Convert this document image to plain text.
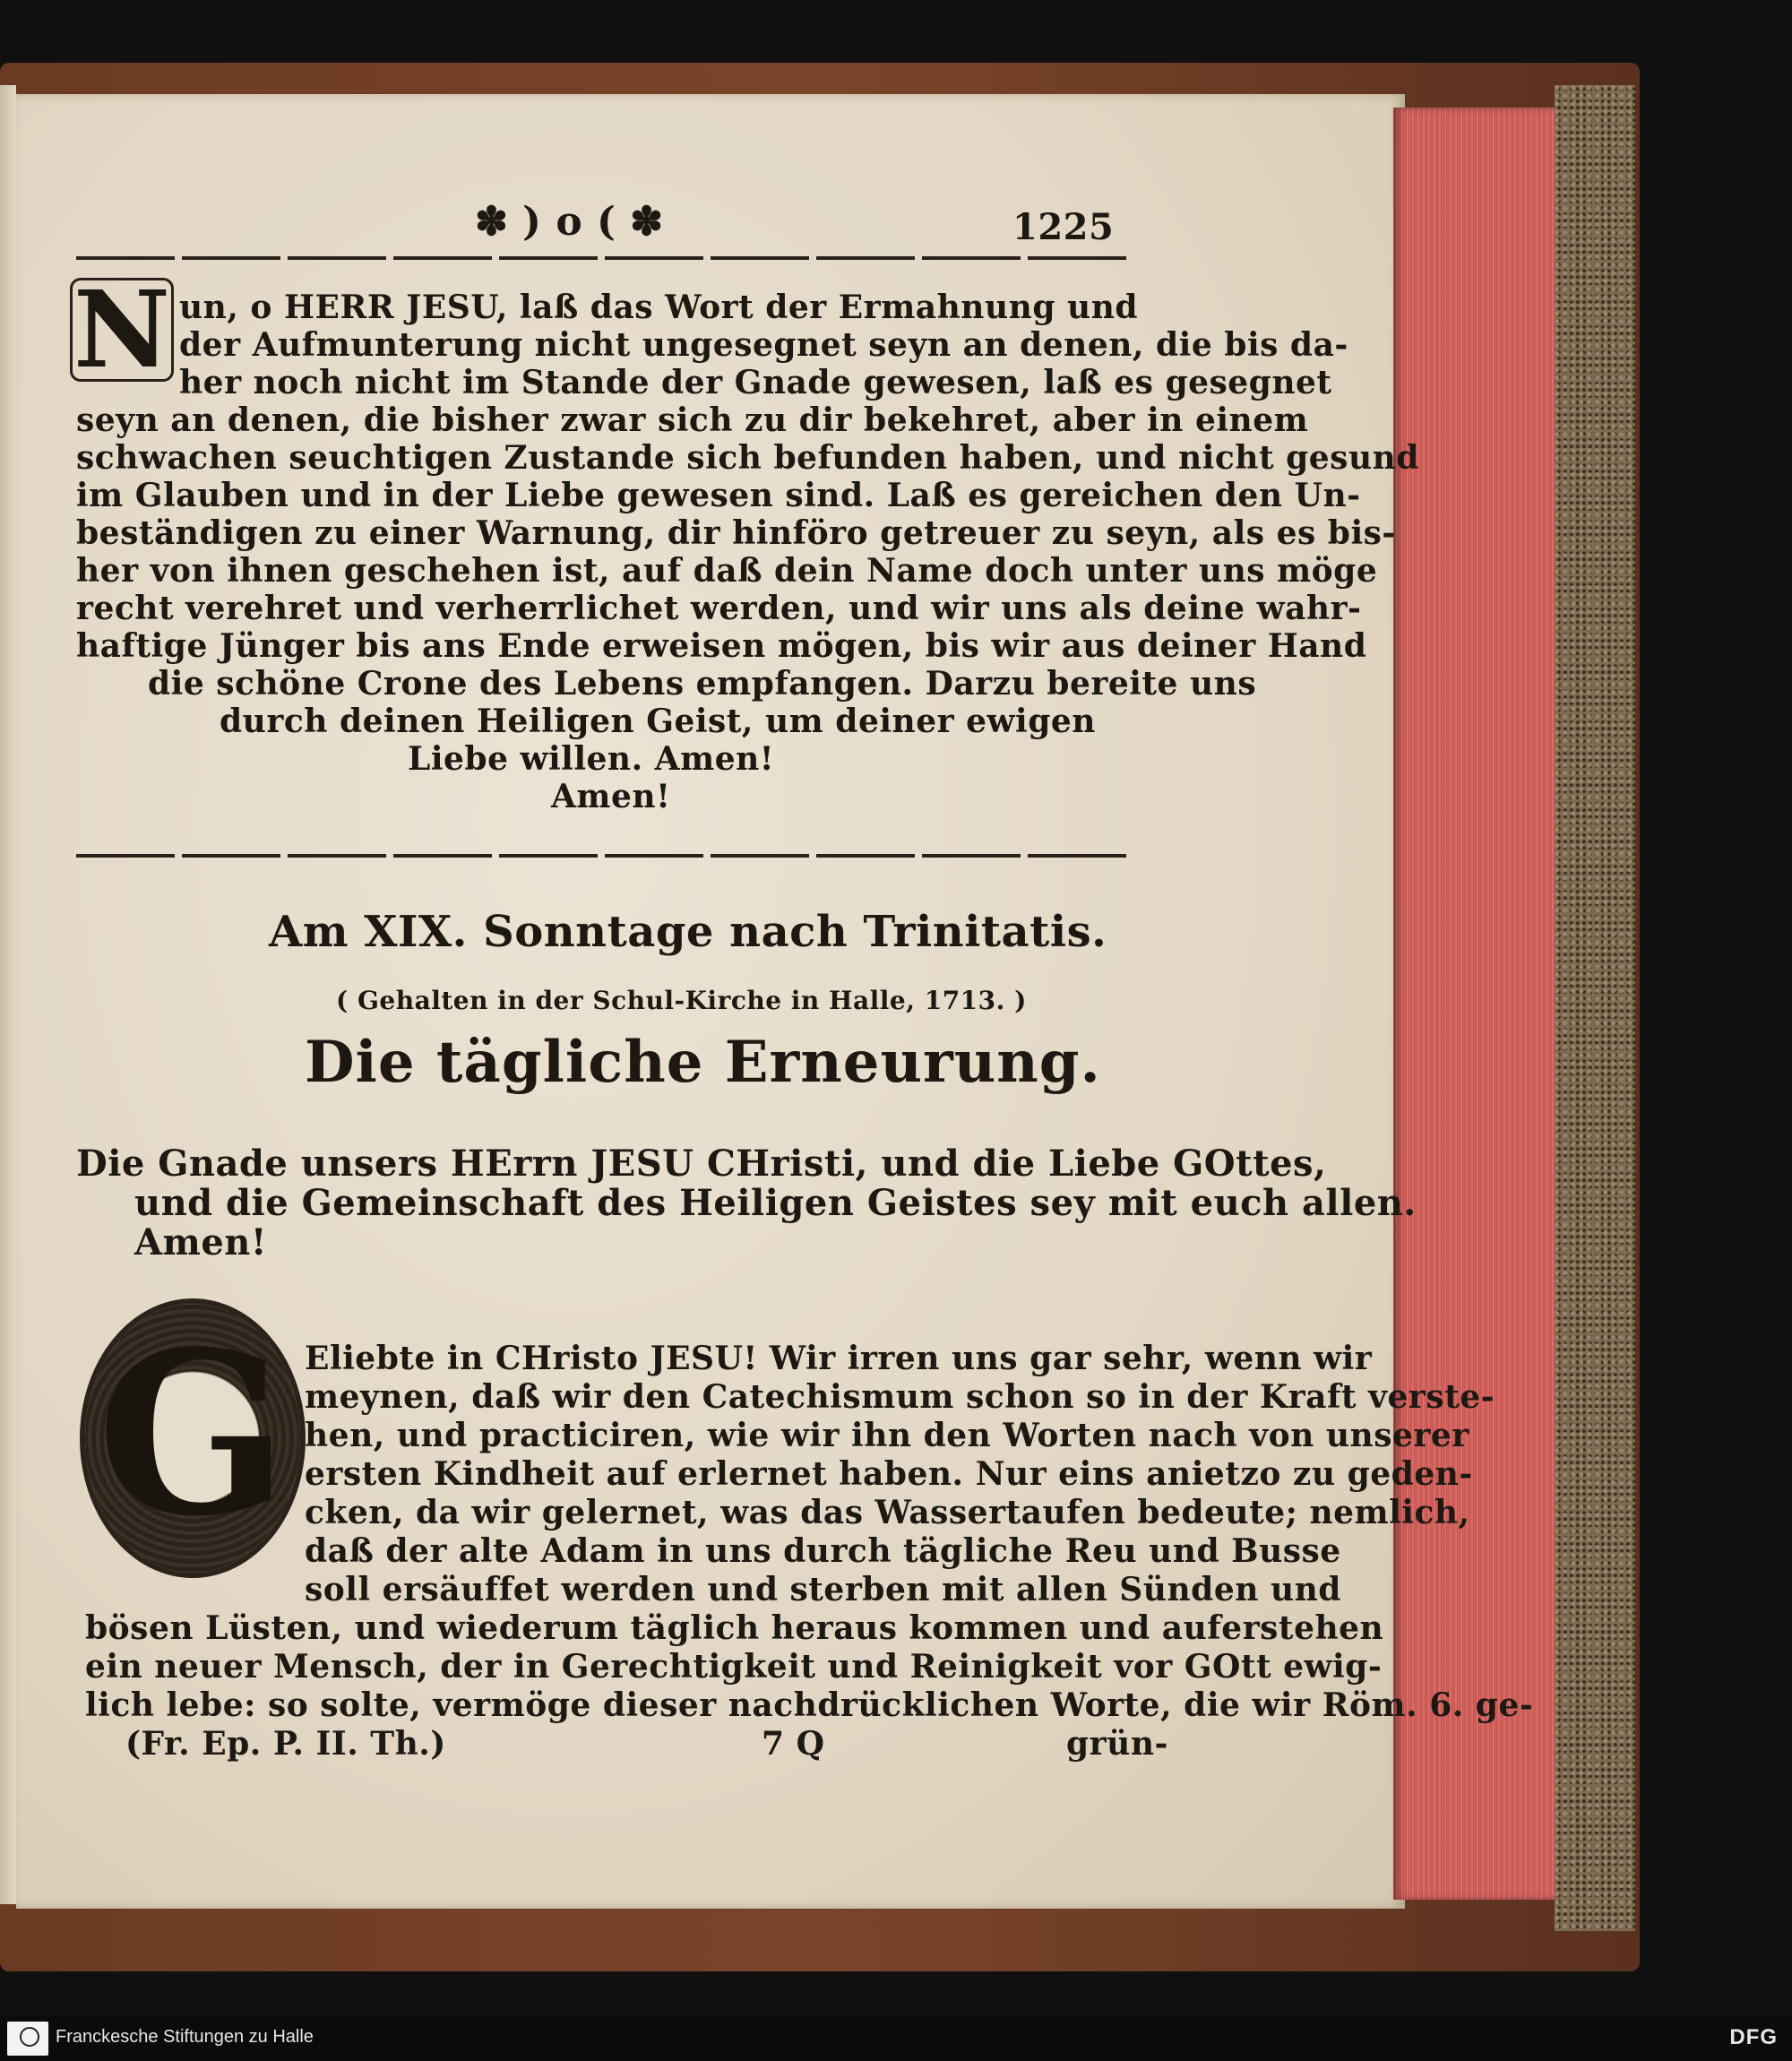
✽ ) o ( ✽	1225
N un, o HERR JESU, laß das Wort der Ermahnung und
der Aufmunterung nicht ungesegnet seyn an denen, die bis da-
her noch nicht im Stande der Gnade gewesen, laß es gesegnet
seyn an denen, die bisher zwar sich zu dir bekehret, aber in einem
schwachen seuchtigen Zustande sich befunden haben, und nicht gesund
im Glauben und in der Liebe gewesen sind. Laß es gereichen den Un-
beständigen zu einer Warnung, dir hinföro getreuer zu seyn, als es bis-
her von ihnen geschehen ist, auf daß dein Name doch unter uns möge
recht verehret und verherrlichet werden, und wir uns als deine wahr-
haftige Jünger bis ans Ende erweisen mögen, bis wir aus deiner Hand
die schöne Crone des Lebens empfangen. Darzu bereite uns
durch deinen Heiligen Geist, um deiner ewigen
Liebe willen. Amen!
Amen!
Am XIX. Sonntage nach Trinitatis.
( Gehalten in der Schul-Kirche in Halle, 1713. )
Die tägliche Erneurung.
Die Gnade unsers HErrn JESU CHristi, und die Liebe GOttes,
und die Gemeinschaft des Heiligen Geistes sey mit euch allen.
Amen!
G Eliebte in CHristo JESU! Wir irren uns gar sehr, wenn wir
meynen, daß wir den Catechismum schon so in der Kraft verste-
hen, und practiciren, wie wir ihn den Worten nach von unserer
ersten Kindheit auf erlernet haben. Nur eins anietzo zu geden-
cken, da wir gelernet, was das Wassertaufen bedeute; nemlich,
daß der alte Adam in uns durch tägliche Reu und Busse
soll ersäuffet werden und sterben mit allen Sünden und
bösen Lüsten, und wiederum täglich heraus kommen und auferstehen
ein neuer Mensch, der in Gerechtigkeit und Reinigkeit vor GOtt ewig-
lich lebe: so solte, vermöge dieser nachdrücklichen Worte, die wir Röm. 6. ge-
(Fr. Ep. P. II. Th.)	7 Q	grün-
Franckesche Stiftungen zu Halle	DFG
